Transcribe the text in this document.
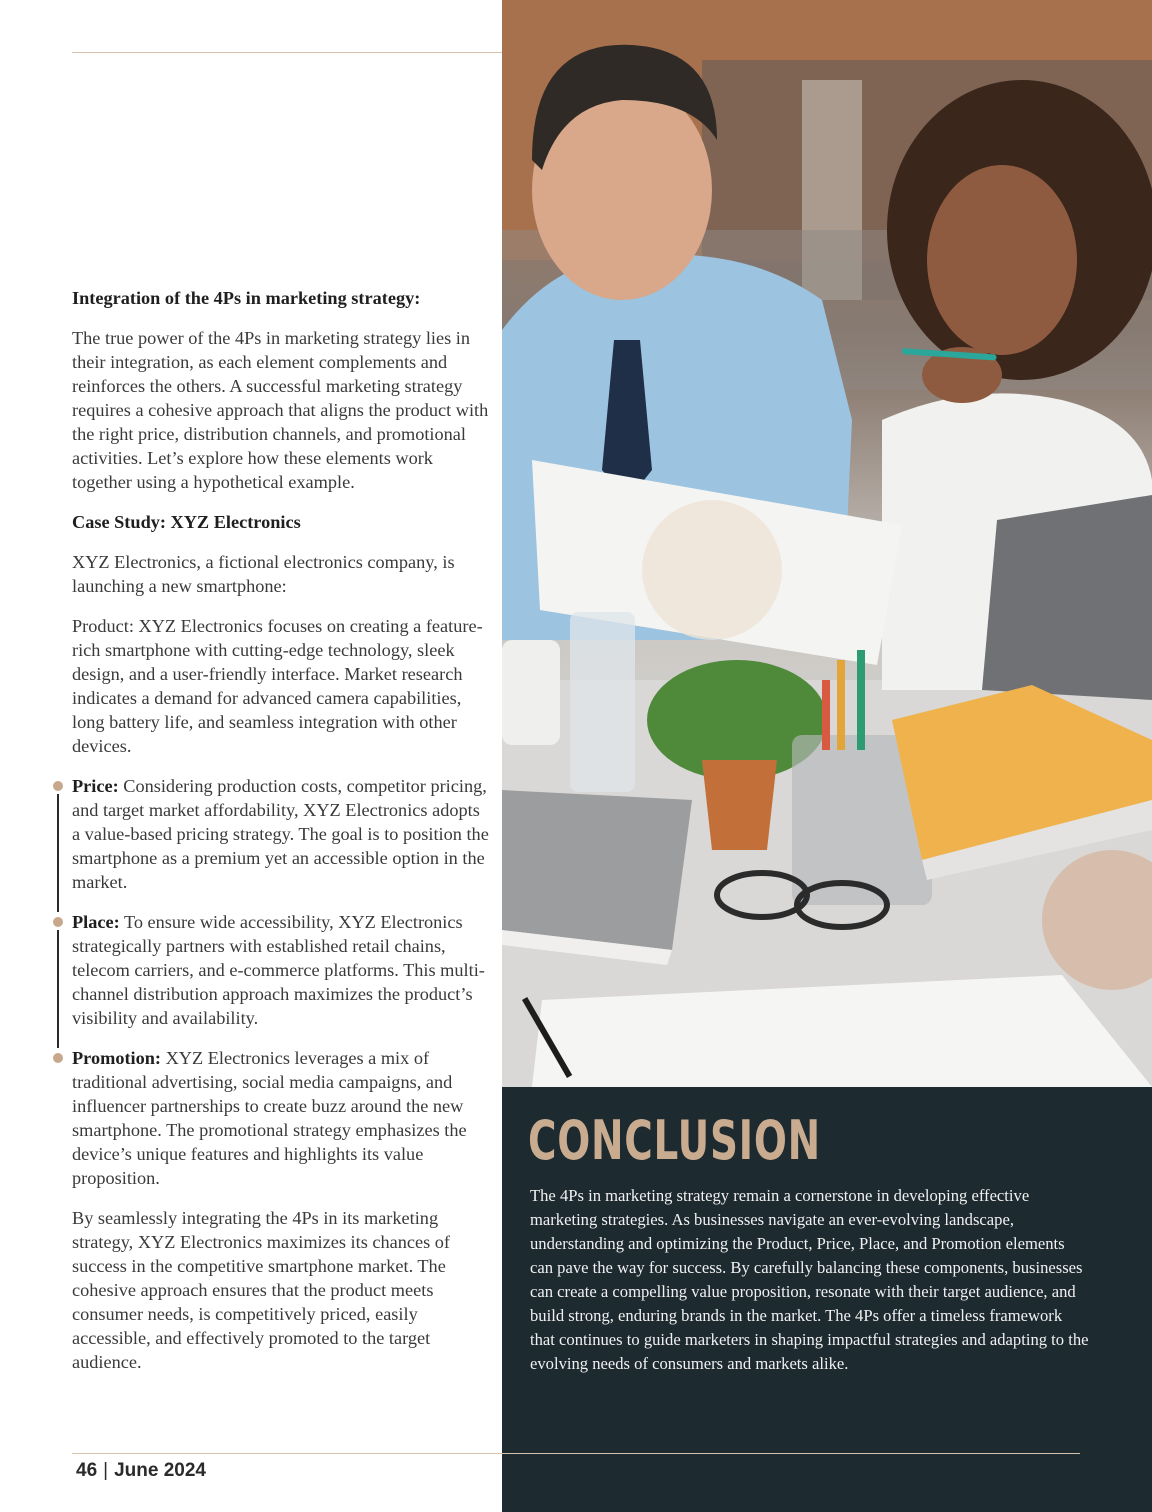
CONCLUSION

The 4Ps in marketing strategy remain a cornerstone in developing effective marketing strategies. As businesses navigate an ever-evolving landscape, understanding and optimizing the Product, Price, Place, and Promotion elements can pave the way for success. By carefully balancing these components, businesses can create a compelling value proposition, resonate with their target audience, and build strong, enduring brands in the market. The 4Ps offer a timeless framework that continues to guide marketers in shaping impactful strategies and adapting to the evolving needs of consumers and markets alike.

Integration of the 4Ps in marketing strategy:

The true power of the 4Ps in marketing strategy lies in their integration, as each element complements and reinforces the others. A successful marketing strategy requires a cohesive approach that aligns the product with the right price, distribution channels, and promotional activities. Let’s explore how these elements work together using a hypothetical example.

Case Study: XYZ Electronics

XYZ Electronics, a fictional electronics company, is launching a new smartphone:

Product: XYZ Electronics focuses on creating a feature-rich smartphone with cutting-edge technology, sleek design, and a user-friendly interface. Market research indicates a demand for advanced camera capabilities, long battery life, and seamless integration with other devices.

Price: Considering production costs, competitor pricing, and target market affordability, XYZ Electronics adopts a value-based pricing strategy. The goal is to position the smartphone as a premium yet an accessible option in the market.
Place: To ensure wide accessibility, XYZ Electronics strategically partners with established retail chains, telecom carriers, and e-commerce platforms. This multi-channel distribution approach maximizes the product’s visibility and availability.
Promotion: XYZ Electronics leverages a mix of traditional advertising, social media campaigns, and influencer partnerships to create buzz around the new smartphone. The promotional strategy emphasizes the device’s unique features and highlights its value proposition.

By seamlessly integrating the 4Ps in its marketing strategy, XYZ Electronics maximizes its chances of success in the competitive smartphone market. The cohesive approach ensures that the product meets consumer needs, is competitively priced, easily accessible, and effectively promoted to the target audience.

46 | June 2024
